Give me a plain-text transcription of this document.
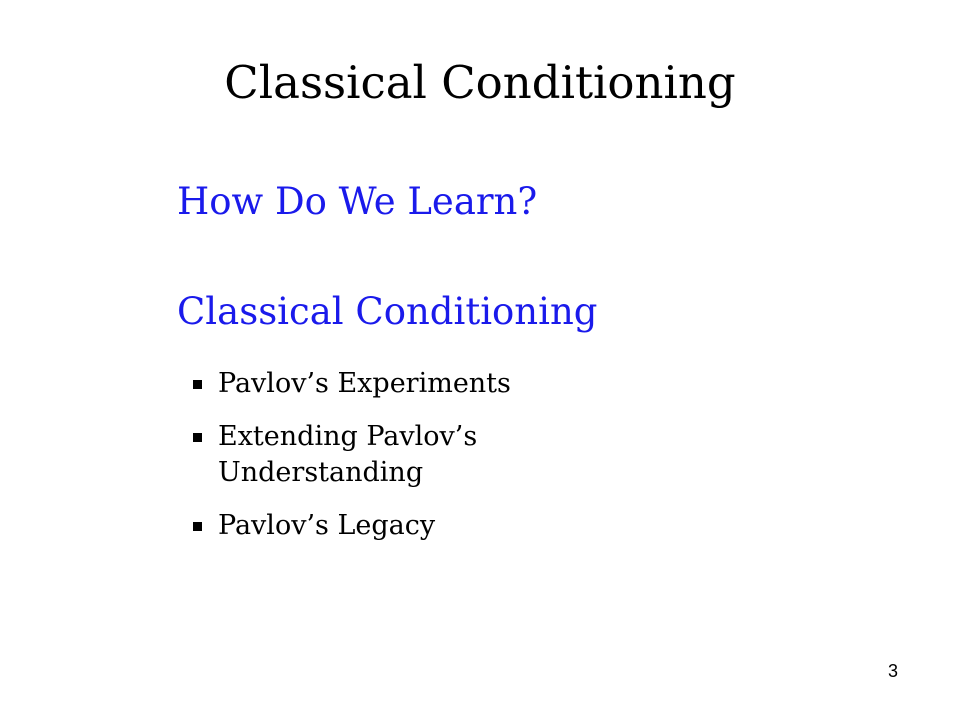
Classical Conditioning
How Do We Learn?
Classical Conditioning
Pavlov’s Experiments
Extending Pavlov’s Understanding
Pavlov’s Legacy
3
